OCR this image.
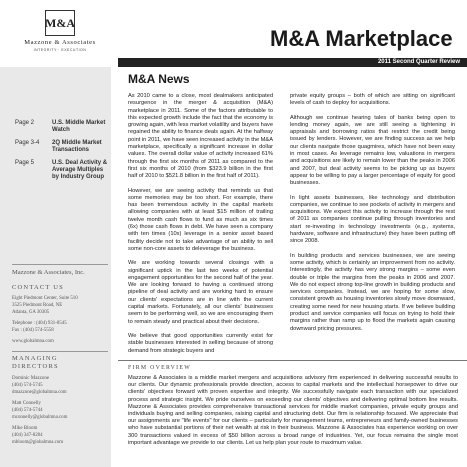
M&A
Mazzone & Associates
INTEGRITY · EXECUTION	M&A Marketplace
2011 Second Quarter Review
Page 2	U.S. Middle Market Watch
Page 3-4	2Q Middle Market Transactions
Page 5	U.S. Deal Activity & Average Multiples by Industry Group
Mazzone & Associates, Inc.
CONTACT US
Eight Piedmont Center, Suite 510
3525 Piedmont Road, NE
Atlanta, GA 30305
Telephone : (404) 931-8545
Fax : (404) 574-5558
www.globalmna.com
MANAGING
DIRECTORS
Dominic Mazzone
(404) 574-5745
dmazzone@globalmna.com
Matt Connelly
(404) 574-5744
mconnelly@globalmna.com
Mike Bloom
(404) 347-8284
mbloom@globalmna.com
M&A News

As 2010 came to a close, most dealmakers anticipated resurgence in the merger & acquisition (M&A) marketplace in 2011. Some of the factors attributable to this expected growth include the fact that the economy is growing again, with less market volatility and buyers have regained the ability to finance deals again. At the halfway point in 2011, we have seen increased activity in the M&A marketplace, specifically a significant increase in dollar values. The overall dollar value of activity increased 61% through the first six months of 2011 as compared to the first six months of 2010 (from $323.9 billion in the first half of 2010 to $521.8 billion in the first half of 2011).

However, we are seeing activity that reminds us that some memories may be too short. For example, there has been tremendous activity in the capital markets allowing companies with at least $15 million of trailing twelve month cash flows to fund as much as six times (6x) those cash flows in debt. We have seen a company with ten times (10x) leverage in a senior asset based facility decide not to take advantage of an ability to sell some non-core assets to deleverage the business.

We are working towards several closings with a significant uptick in the last two weeks of potential engagement opportunities for the second half of the year. We are looking forward to having a continued strong pipeline of deal activity and are working hard to ensure our clients' expectations are in line with the current capital markets. Fortunately, all our clients' businesses seem to be performing well, so we are encouraging them to remain steady and practical about their decisions.

We believe that good opportunities currently exist for stable businesses interested in selling because of strong demand from strategic buyers and

private equity groups – both of which are sitting on significant levels of cash to deploy for acquisitions.

Although we continue hearing tales of banks being open to lending money again, we are still seeing a tightening in appraisals and borrowing ratios that restrict the credit being issued by lenders. However, we are finding success as we help our clients navigate those quagmires, which have not been easy in most cases. As leverage remains low, valuations in mergers and acquisitions are likely to remain lower than the peaks in 2006 and 2007, but deal activity seems to be picking up as buyers appear to be willing to pay a larger percentage of equity for good businesses.

In light assets businesses, like technology and distribution companies, we continue to see pockets of activity in mergers and acquisitions. We expect this activity to increase through the rest of 2011 as companies continue pulling through inventories and start re-investing in technology investments (e.g., systems, hardware, software and infrastructure) they have been putting off since 2008.

In building products and services businesses, we are seeing some activity, which is certainly an improvement from no activity. Interestingly, the activity has very strong margins – some even double or triple the margins from the peaks in 2006 and 2007. We do not expect strong top-line growth in building products and services companies. Instead, we are hoping for some slow, consistent growth as housing inventories slowly move downward, creating some need for new housing starts. If we believe building product and service companies will focus on trying to hold their margins rather than ramp up to flood the markets again causing downward pricing pressures.

FIRM OVERVIEW
Mazzone & Associates is a middle market mergers and acquisitions advisory firm experienced in delivering successful results to our clients. Our dynamic professionals provide direction, access to capital markets and the intellectual horsepower to drive our clients' objectives forward with proven expertise and integrity. We successfully navigate each transaction with our specialized process and strategic insight. We pride ourselves on exceeding our clients' objectives and delivering optimal bottom line results. Mazzone & Associates provides comprehensive transactional services for middle market companies, private equity groups and individuals buying and selling companies, raising capital and structuring debt. Our firm is relationship focused. We appreciate that our assignments are "life events" for our clients – particularly for management teams, entrepreneurs and family-owned businesses who have substantial portions of their net wealth at risk in their business. Mazzone & Associates has experience working on over 300 transactions valued in excess of $50 billion across a broad range of industries. Yet, our focus remains the single most important advantage we provide to our clients. Let us help plan your route to maximum value.
